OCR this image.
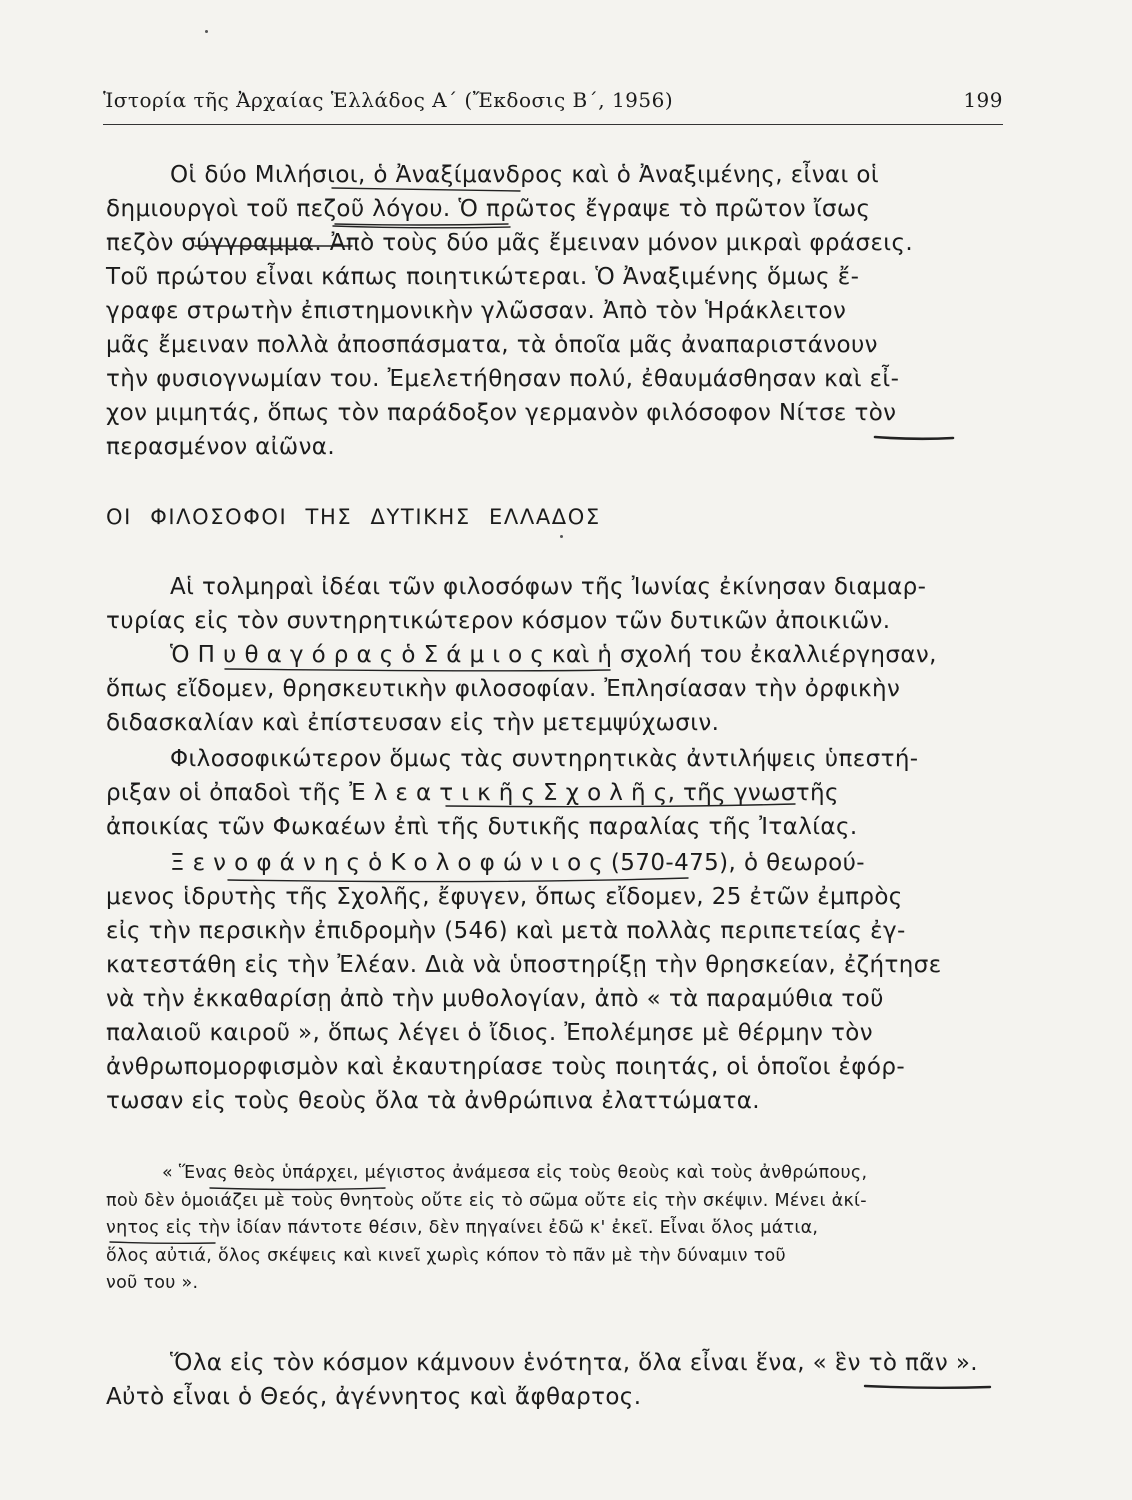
Ἱστορία τῆς Ἀρχαίας Ἑλλάδος Α΄ (Ἔκδοσις Β΄, 1956)	199
Οἱ δύο Μιλήσιοι, ὁ Ἀναξίμανδρος καὶ ὁ Ἀναξιμένης, εἶναι οἱ
δημιουργοὶ τοῦ πεζοῦ λόγου. Ὁ πρῶτος ἔγραψε τὸ πρῶτον ἴσως
πεζὸν σύγγραμμα. Ἀπὸ τοὺς δύο μᾶς ἔμειναν μόνον μικραὶ φράσεις.
Τοῦ πρώτου εἶναι κάπως ποιητικώτεραι. Ὁ Ἀναξιμένης ὅμως ἔ-
γραφε στρωτὴν ἐπιστημονικὴν γλῶσσαν. Ἀπὸ τὸν Ἡράκλειτον
μᾶς ἔμειναν πολλὰ ἀποσπάσματα, τὰ ὁποῖα μᾶς ἀναπαριστάνουν
τὴν φυσιογνωμίαν του. Ἐμελετήθησαν πολύ, ἐθαυμάσθησαν καὶ εἶ-
χον μιμητάς, ὅπως τὸν παράδοξον γερμανὸν φιλόσοφον Νίτσε τὸν
περασμένον αἰῶνα.
ΟΙ ΦΙΛΟΣΟΦΟΙ ΤΗΣ ΔΥΤΙΚΗΣ ΕΛΛΑΔΟΣ
Αἱ τολμηραὶ ἰδέαι τῶν φιλοσόφων τῆς Ἰωνίας ἐκίνησαν διαμαρ-
τυρίας εἰς τὸν συντηρητικώτερον κόσμον τῶν δυτικῶν ἀποικιῶν.
Ὁ Π υ θ α γ ό ρ α ς ὁ Σ ά μ ι ο ς καὶ ἡ σχολή του ἐκαλλιέργησαν,
ὅπως εἴδομεν, θρησκευτικὴν φιλοσοφίαν. Ἐπλησίασαν τὴν ὀρφικὴν
διδασκαλίαν καὶ ἐπίστευσαν εἰς τὴν μετεμψύχωσιν.
Φιλοσοφικώτερον ὅμως τὰς συντηρητικὰς ἀντιλήψεις ὑπεστή-
ριξαν οἱ ὀπαδοὶ τῆς Ἐ λ ε α τ ι κ ῆ ς Σ χ ο λ ῆ ς, τῆς γνωστῆς
ἀποικίας τῶν Φωκαέων ἐπὶ τῆς δυτικῆς παραλίας τῆς Ἰταλίας.
Ξ ε ν ο φ ά ν η ς ὁ Κ ο λ ο φ ώ ν ι ο ς (570-475), ὁ θεωρού-
μενος ἱδρυτὴς τῆς Σχολῆς, ἔφυγεν, ὅπως εἴδομεν, 25 ἐτῶν ἐμπρὸς
εἰς τὴν περσικὴν ἐπιδρομὴν (546) καὶ μετὰ πολλὰς περιπετείας ἐγ-
κατεστάθη εἰς τὴν Ἐλέαν. Διὰ νὰ ὑποστηρίξῃ τὴν θρησκείαν, ἐζήτησε
νὰ τὴν ἐκκαθαρίσῃ ἀπὸ τὴν μυθολογίαν, ἀπὸ « τὰ παραμύθια τοῦ
παλαιοῦ καιροῦ », ὅπως λέγει ὁ ἴδιος. Ἐπολέμησε μὲ θέρμην τὸν
ἀνθρωπομορφισμὸν καὶ ἐκαυτηρίασε τοὺς ποιητάς, οἱ ὁποῖοι ἐφόρ-
τωσαν εἰς τοὺς θεοὺς ὅλα τὰ ἀνθρώπινα ἐλαττώματα.
« Ἕνας θεὸς ὑπάρχει, μέγιστος ἀνάμεσα εἰς τοὺς θεοὺς καὶ τοὺς ἀνθρώπους,
ποὺ δὲν ὁμοιάζει μὲ τοὺς θνητοὺς οὔτε εἰς τὸ σῶμα οὔτε εἰς τὴν σκέψιν. Μένει ἀκί-
νητος εἰς τὴν ἰδίαν πάντοτε θέσιν, δὲν πηγαίνει ἐδῶ κ' ἐκεῖ. Εἶναι ὅλος μάτια,
ὅλος αὐτιά, ὅλος σκέψεις καὶ κινεῖ χωρὶς κόπον τὸ πᾶν μὲ τὴν δύναμιν τοῦ
νοῦ του ».
Ὅλα εἰς τὸν κόσμον κάμνουν ἑνότητα, ὅλα εἶναι ἕνα, « ἓν τὸ πᾶν ».
Αὐτὸ εἶναι ὁ Θεός, ἀγέννητος καὶ ἄφθαρτος.
